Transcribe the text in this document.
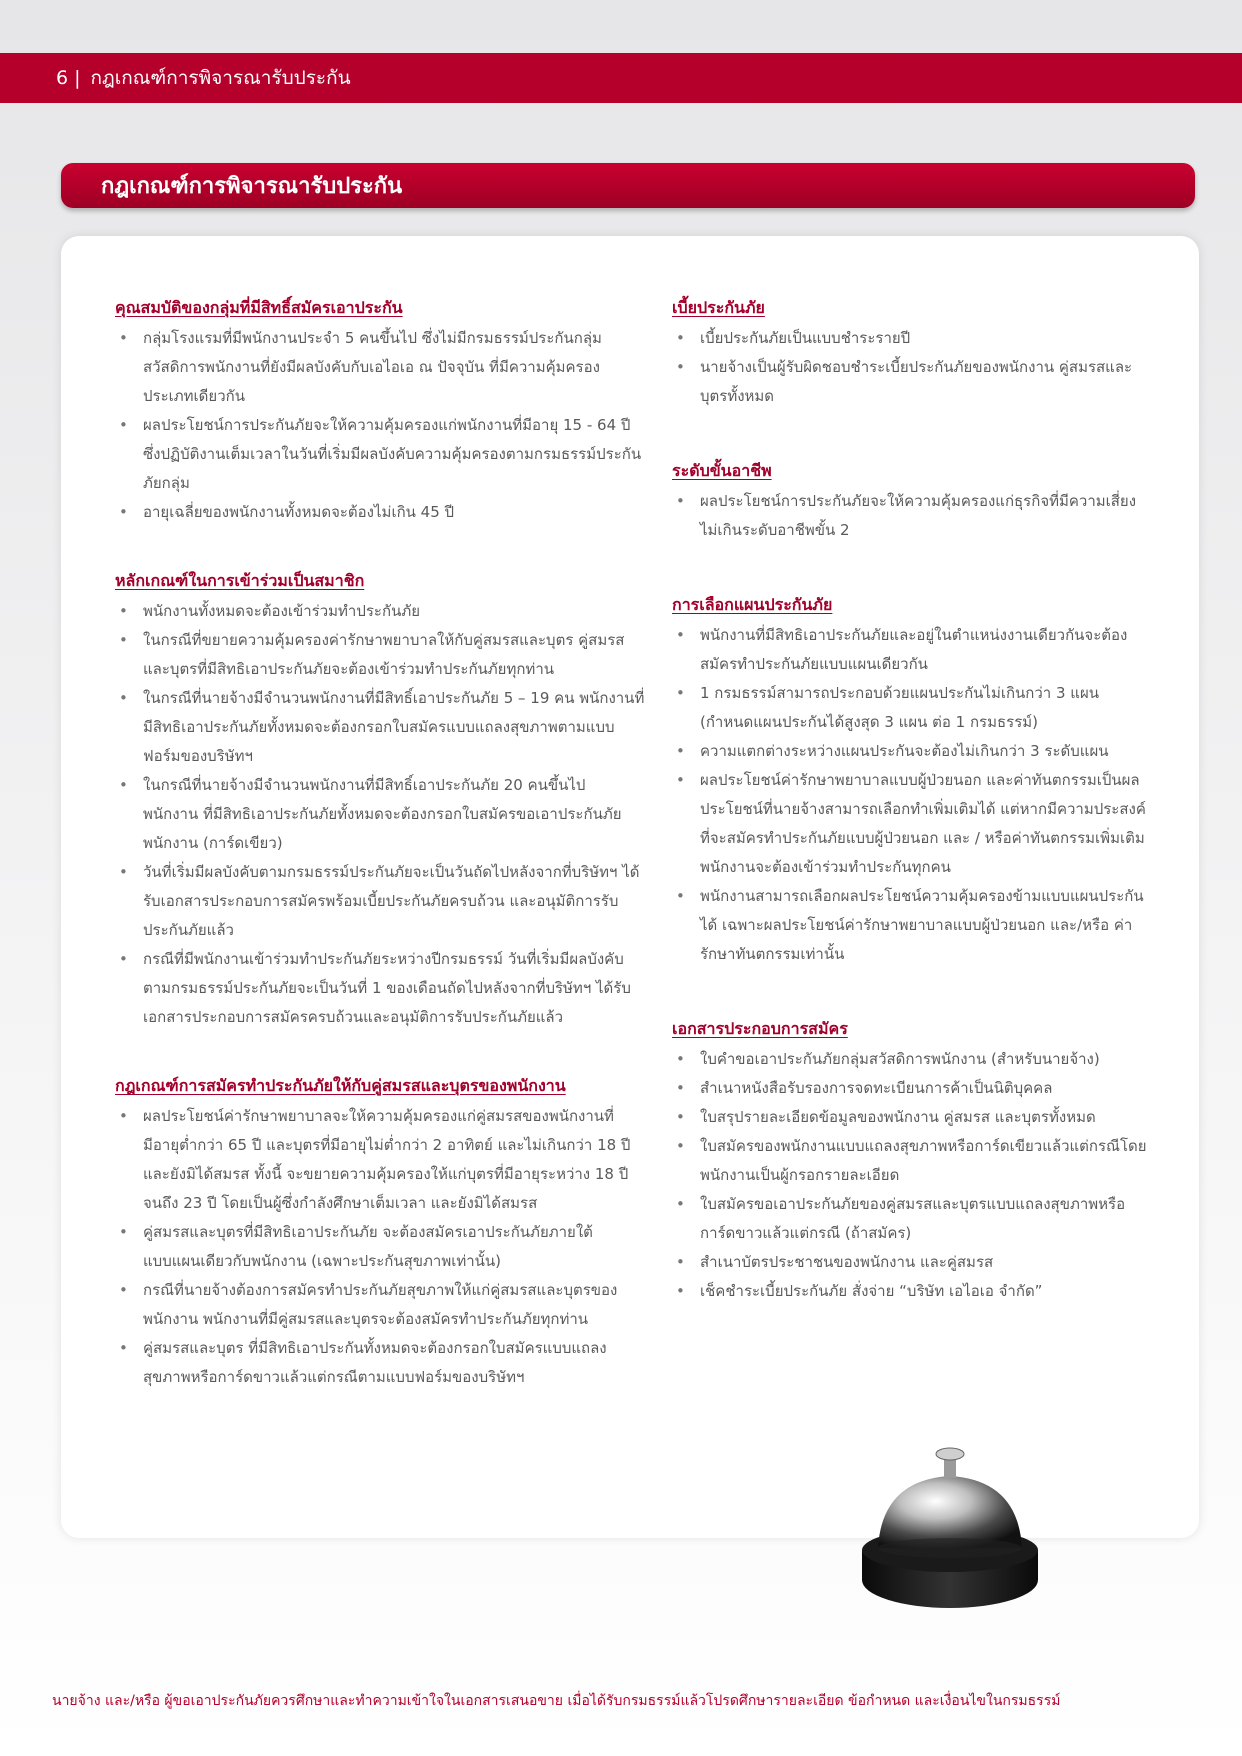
6 | กฎเกณฑ์การพิจารณารับประกัน
กฎเกณฑ์การพิจารณารับประกัน
คุณสมบัติของกลุ่มที่มีสิทธิ์สมัครเอาประกัน
• กลุ่มโรงแรมที่มีพนักงานประจำ 5 คนขึ้นไป ซึ่งไม่มีกรมธรรม์ประกันกลุ่มสวัสดิการพนักงานที่ยังมีผลบังคับกับเอไอเอ ณ ปัจจุบัน ที่มีความคุ้มครองประเภทเดียวกัน
• ผลประโยชน์การประกันภัยจะให้ความคุ้มครองแก่พนักงานที่มีอายุ 15 - 64 ปี ซึ่งปฏิบัติงานเต็มเวลาในวันที่เริ่มมีผลบังคับความคุ้มครองตามกรมธรรม์ประกันภัยกลุ่ม
• อายุเฉลี่ยของพนักงานทั้งหมดจะต้องไม่เกิน 45 ปี
หลักเกณฑ์ในการเข้าร่วมเป็นสมาชิก
• พนักงานทั้งหมดจะต้องเข้าร่วมทำประกันภัย
• ในกรณีที่ขยายความคุ้มครองค่ารักษาพยาบาลให้กับคู่สมรสและบุตร คู่สมรสและบุตรที่มีสิทธิเอาประกันภัยจะต้องเข้าร่วมทำประกันภัยทุกท่าน
• ในกรณีที่นายจ้างมีจำนวนพนักงานที่มีสิทธิ์เอาประกันภัย 5 – 19 คน พนักงานที่มีสิทธิเอาประกันภัยทั้งหมดจะต้องกรอกใบสมัครแบบแถลงสุขภาพตามแบบฟอร์มของบริษัทฯ
• ในกรณีที่นายจ้างมีจำนวนพนักงานที่มีสิทธิ์เอาประกันภัย 20 คนขึ้นไป พนักงาน ที่มีสิทธิเอาประกันภัยทั้งหมดจะต้องกรอกใบสมัครขอเอาประกันภัยพนักงาน (การ์ดเขียว)
• วันที่เริ่มมีผลบังคับตามกรมธรรม์ประกันภัยจะเป็นวันถัดไปหลังจากที่บริษัทฯ ได้รับเอกสารประกอบการสมัครพร้อมเบี้ยประกันภัยครบถ้วน และอนุมัติการรับประกันภัยแล้ว
• กรณีที่มีพนักงานเข้าร่วมทำประกันภัยระหว่างปีกรมธรรม์ วันที่เริ่มมีผลบังคับตามกรมธรรม์ประกันภัยจะเป็นวันที่ 1 ของเดือนถัดไปหลังจากที่บริษัทฯ ได้รับเอกสารประกอบการสมัครครบถ้วนและอนุมัติการรับประกันภัยแล้ว
กฎเกณฑ์การสมัครทำประกันภัยให้กับคู่สมรสและบุตรของพนักงาน
• ผลประโยชน์ค่ารักษาพยาบาลจะให้ความคุ้มครองแก่คู่สมรสของพนักงานที่มีอายุต่ำกว่า 65 ปี และบุตรที่มีอายุไม่ต่ำกว่า 2 อาทิตย์ และไม่เกินกว่า 18 ปี และยังมิได้สมรส ทั้งนี้ จะขยายความคุ้มครองให้แก่บุตรที่มีอายุระหว่าง 18 ปี จนถึง 23 ปี โดยเป็นผู้ซึ่งกำลังศึกษาเต็มเวลา และยังมิได้สมรส
• คู่สมรสและบุตรที่มีสิทธิเอาประกันภัย จะต้องสมัครเอาประกันภัยภายใต้แบบแผนเดียวกับพนักงาน (เฉพาะประกันสุขภาพเท่านั้น)
• กรณีที่นายจ้างต้องการสมัครทำประกันภัยสุขภาพให้แก่คู่สมรสและบุตรของพนักงาน พนักงานที่มีคู่สมรสและบุตรจะต้องสมัครทำประกันภัยทุกท่าน
• คู่สมรสและบุตร ที่มีสิทธิเอาประกันทั้งหมดจะต้องกรอกใบสมัครแบบแถลงสุขภาพหรือการ์ดขาวแล้วแต่กรณีตามแบบฟอร์มของบริษัทฯ
เบี้ยประกันภัย
• เบี้ยประกันภัยเป็นแบบชำระรายปี
• นายจ้างเป็นผู้รับผิดชอบชำระเบี้ยประกันภัยของพนักงาน คู่สมรสและบุตรทั้งหมด
ระดับขั้นอาชีพ
• ผลประโยชน์การประกันภัยจะให้ความคุ้มครองแก่ธุรกิจที่มีความเสี่ยงไม่เกินระดับอาชีพขั้น 2
การเลือกแผนประกันภัย
• พนักงานที่มีสิทธิเอาประกันภัยและอยู่ในตำแหน่งงานเดียวกันจะต้องสมัครทำประกันภัยแบบแผนเดียวกัน
• 1 กรมธรรม์สามารถประกอบด้วยแผนประกันไม่เกินกว่า 3 แผน (กำหนดแผนประกันได้สูงสุด 3 แผน ต่อ 1 กรมธรรม์)
• ความแตกต่างระหว่างแผนประกันจะต้องไม่เกินกว่า 3 ระดับแผน
• ผลประโยชน์ค่ารักษาพยาบาลแบบผู้ป่วยนอก และค่าทันตกรรมเป็นผลประโยชน์ที่นายจ้างสามารถเลือกทำเพิ่มเติมได้ แต่หากมีความประสงค์ที่จะสมัครทำประกันภัยแบบผู้ป่วยนอก และ / หรือค่าทันตกรรมเพิ่มเติม พนักงานจะต้องเข้าร่วมทำประกันทุกคน
• พนักงานสามารถเลือกผลประโยชน์ความคุ้มครองข้ามแบบแผนประกันได้ เฉพาะผลประโยชน์ค่ารักษาพยาบาลแบบผู้ป่วยนอก และ/หรือ ค่ารักษาทันตกรรมเท่านั้น
เอกสารประกอบการสมัคร
• ใบคำขอเอาประกันภัยกลุ่มสวัสดิการพนักงาน (สำหรับนายจ้าง)
• สำเนาหนังสือรับรองการจดทะเบียนการค้าเป็นนิติบุคคล
• ใบสรุปรายละเอียดข้อมูลของพนักงาน คู่สมรส และบุตรทั้งหมด
• ใบสมัครของพนักงานแบบแถลงสุขภาพหรือการ์ดเขียวแล้วแต่กรณีโดยพนักงานเป็นผู้กรอกรายละเอียด
• ใบสมัครขอเอาประกันภัยของคู่สมรสและบุตรแบบแถลงสุขภาพหรือการ์ดขาวแล้วแต่กรณี (ถ้าสมัคร)
• สำเนาบัตรประชาชนของพนักงาน และคู่สมรส
• เช็คชำระเบี้ยประกันภัย สั่งจ่าย “บริษัท เอไอเอ จำกัด”
นายจ้าง และ/หรือ ผู้ขอเอาประกันภัยควรศึกษาและทำความเข้าใจในเอกสารเสนอขาย เมื่อได้รับกรมธรรม์แล้วโปรดศึกษารายละเอียด ข้อกำหนด และเงื่อนไขในกรมธรรม์
